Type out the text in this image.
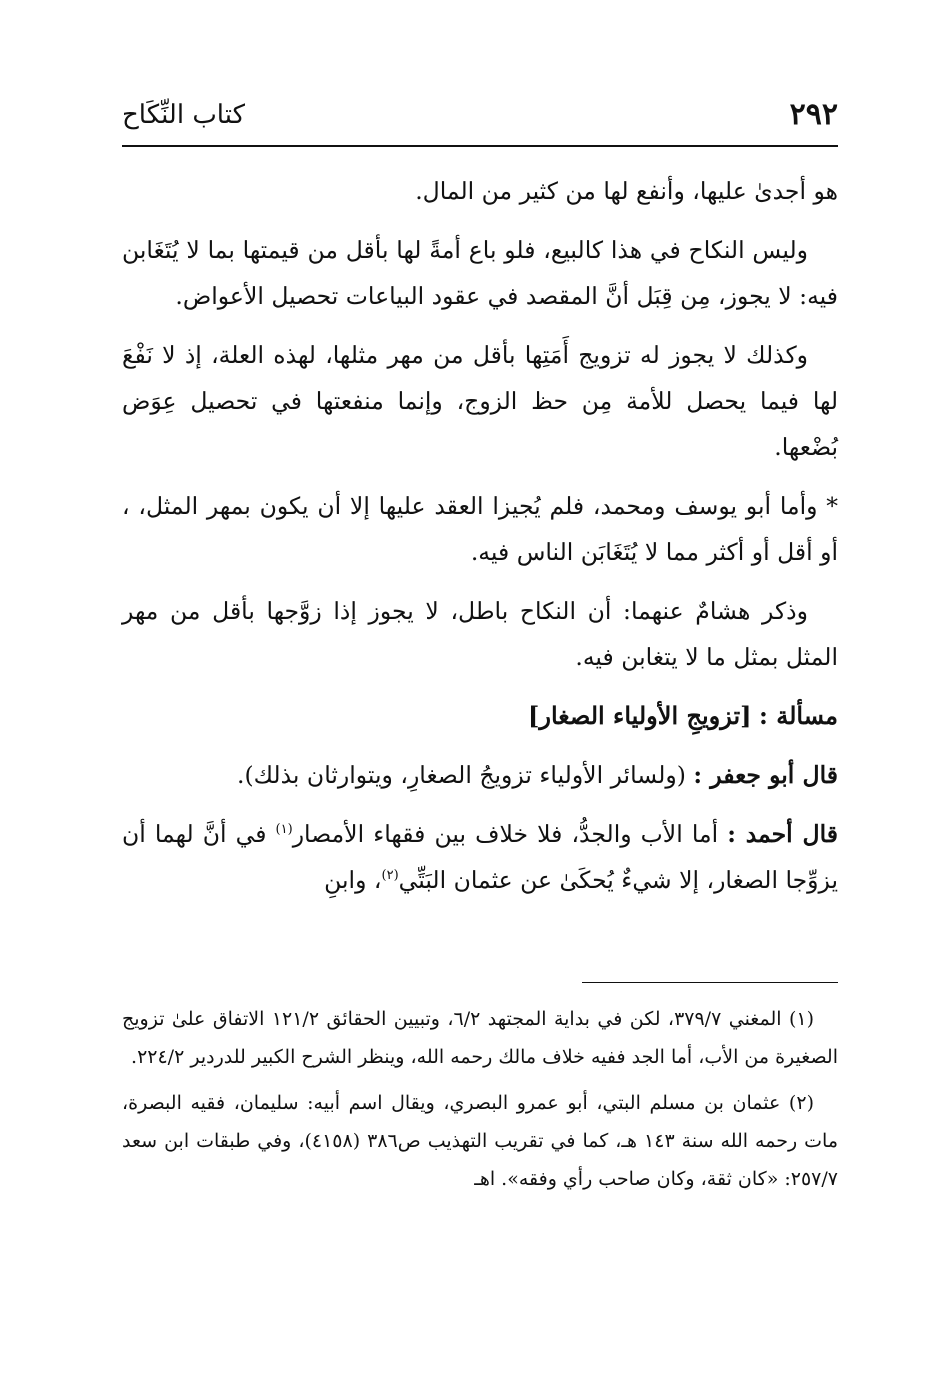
٢٩٢
كتاب النِّكَاح

هو أجدىٰ عليها، وأنفع لها من كثير من المال.

وليس النكاح في هذا كالبيع، فلو باع أمةً لها بأقل من قيمتها بما لا يُتَغَابن فيه: لا يجوز، مِن قِبَل أنَّ المقصد في عقود البياعات تحصيل الأعواض.

وكذلك لا يجوز له تزويج أَمَتِها بأقل من مهر مثلها، لهذه العلة، إذ لا نَفْعَ لها فيما يحصل للأمة مِن حظ الزوج، وإنما منفعتها في تحصيل عِوَض بُضْعها.

* وأما أبو يوسف ومحمد، فلم يُجيزا العقد عليها إلا أن يكون بمهر المثل، ، أو أقل أو أكثر مما لا يُتَغَابَن الناس فيه.

وذكر هشامٌ عنهما: أن النكاح باطل، لا يجوز إذا زوَّجها بأقل من مهر المثل بمثل ما لا يتغابن فيه.

مسألة : [تزويجِ الأولياء الصغار]

قال أبو جعفر : (ولسائر الأولياء تزويجُ الصغارِ، ويتوارثان بذلك).

قال أحمد : أما الأب والجدُّ، فلا خلاف بين فقهاء الأمصار$^{(١)}$ في أنَّ لهما أن يزوِّجا الصغار، إلا شيءٌ يُحكَىٰ عن عثمان البَتِّي$^{(٢)}$، وابنِ

(١) المغني ٣٧٩/٧، لكن في بداية المجتهد ٦/٢، وتبيين الحقائق ١٢١/٢ الاتفاق علىٰ تزويج الصغيرة من الأب، أما الجد ففيه خلاف مالك رحمه الله، وينظر الشرح الكبير للدردير ٢٢٤/٢.

(٢) عثمان بن مسلم البتي، أبو عمرو البصري، ويقال اسم أبيه: سليمان، فقيه البصرة، مات رحمه الله سنة ١٤٣ هـ، كما في تقريب التهذيب ص٣٨٦ (٤١٥٨)، وفي طبقات ابن سعد ٢٥٧/٧: «كان ثقة، وكان صاحب رأي وفقه». اهـ
